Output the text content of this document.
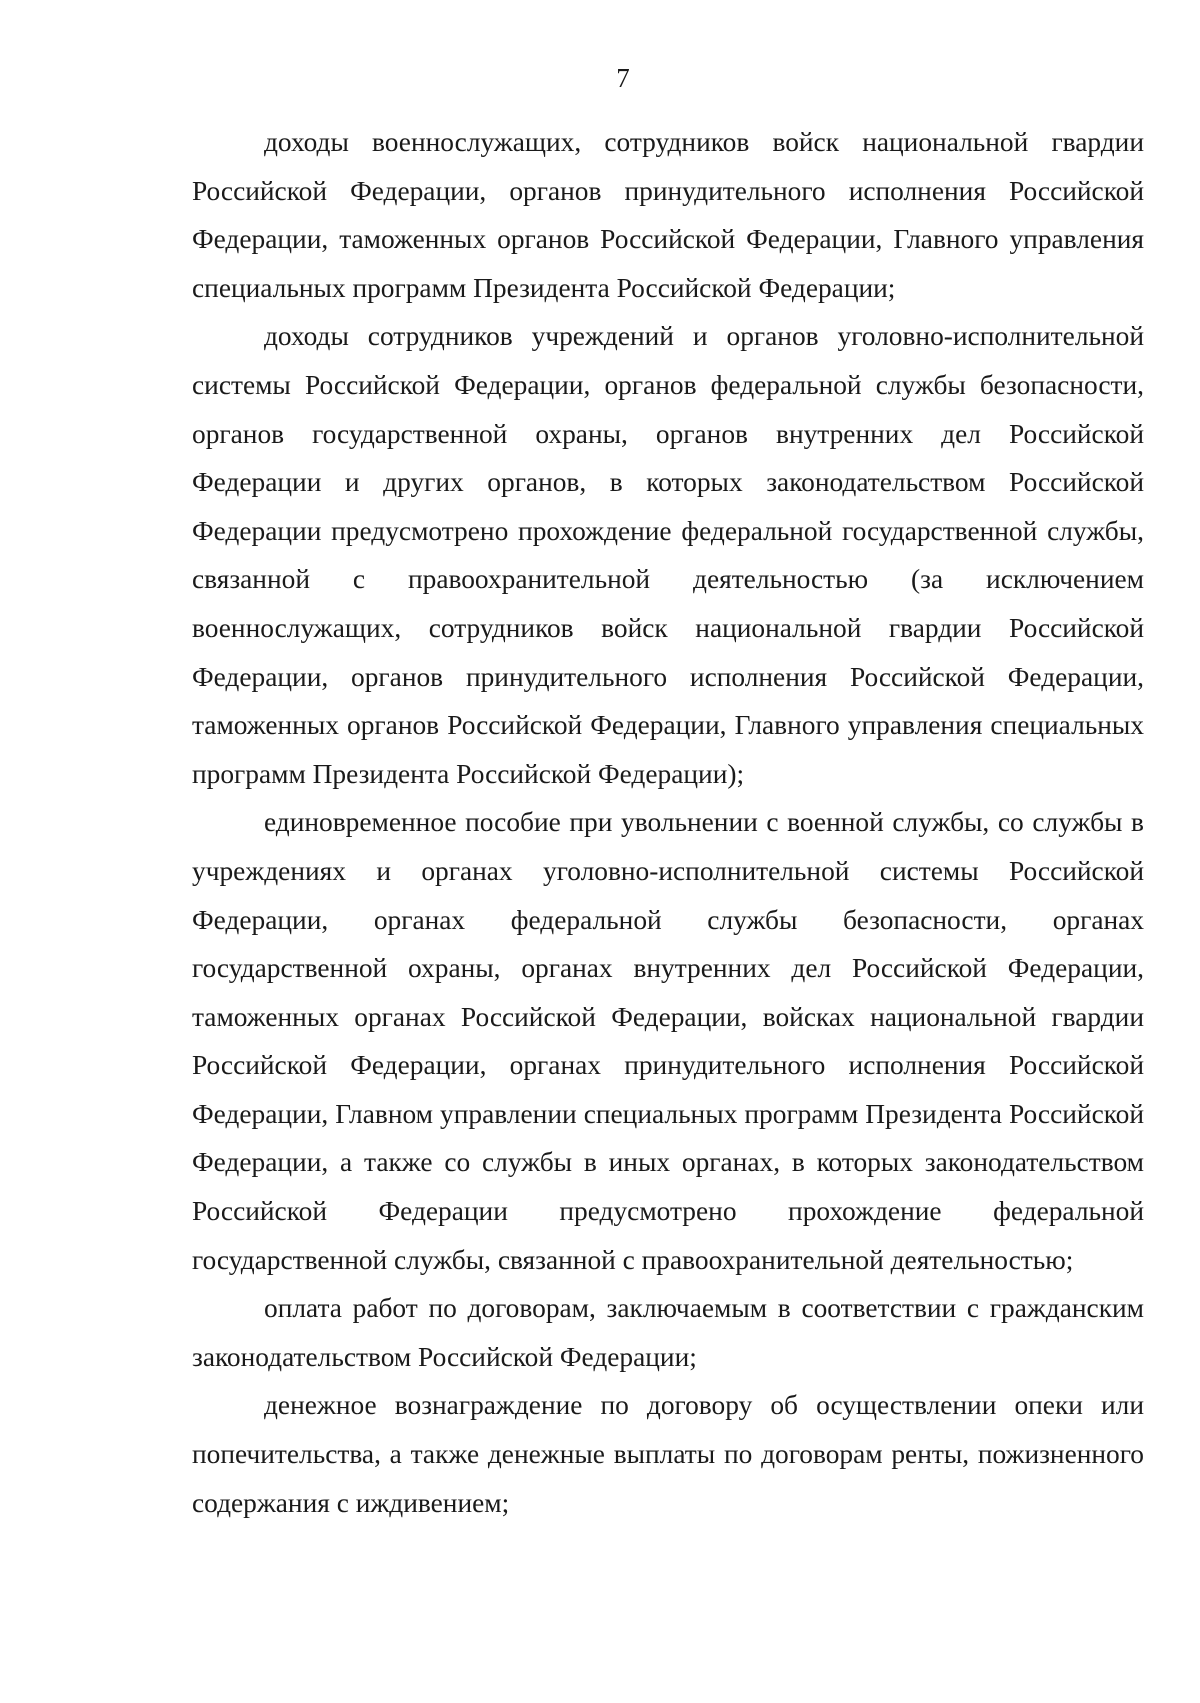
7

доходы военнослужащих, сотрудников войск национальной гвардии Российской Федерации, органов принудительного исполнения Российской Федерации, таможенных органов Российской Федерации, Главного управления специальных программ Президента Российской Федерации;

доходы сотрудников учреждений и органов уголовно-исполнительной системы Российской Федерации, органов федеральной службы безопасности, органов государственной охраны, органов внутренних дел Российской Федерации и других органов, в которых законодательством Российской Федерации предусмотрено прохождение федеральной государственной службы, связанной с правоохранительной деятельностью (за исключением военнослужащих, сотрудников войск национальной гвардии Российской Федерации, органов принудительного исполнения Российской Федерации, таможенных органов Российской Федерации, Главного управления специальных программ Президента Российской Федерации);

единовременное пособие при увольнении с военной службы, со службы в учреждениях и органах уголовно-исполнительной системы Российской Федерации, органах федеральной службы безопасности, органах государственной охраны, органах внутренних дел Российской Федерации, таможенных органах Российской Федерации, войсках национальной гвардии Российской Федерации, органах принудительного исполнения Российской Федерации, Главном управлении специальных программ Президента Российской Федерации, а также со службы в иных органах, в которых законодательством Российской Федерации предусмотрено прохождение федеральной государственной службы, связанной с правоохранительной деятельностью;

оплата работ по договорам, заключаемым в соответствии с гражданским законодательством Российской Федерации;

денежное вознаграждение по договору об осуществлении опеки или попечительства, а также денежные выплаты по договорам ренты, пожизненного содержания с иждивением;
